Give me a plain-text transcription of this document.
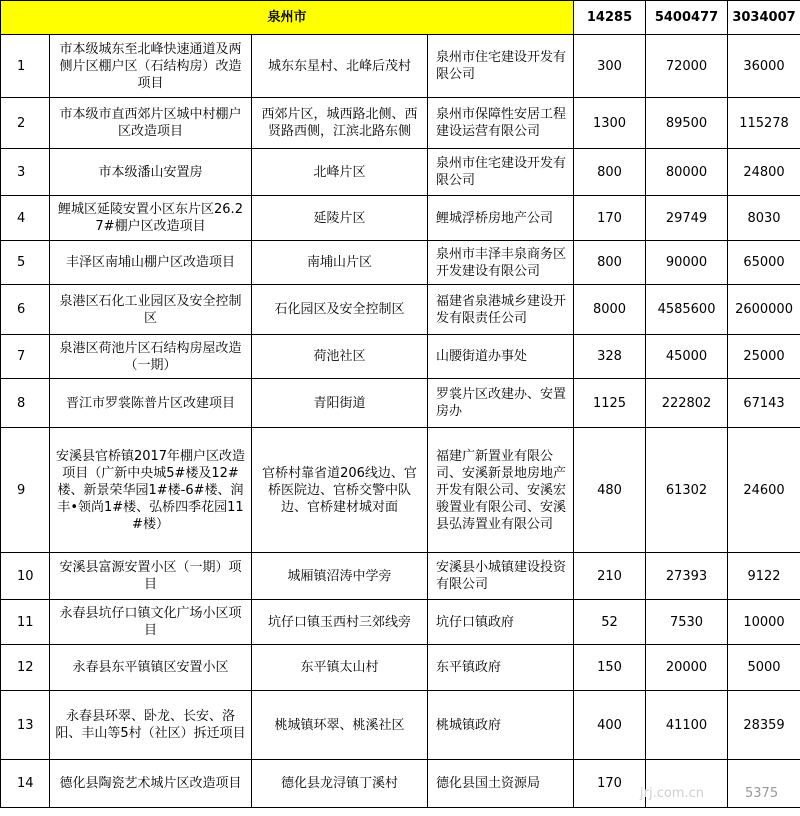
泉州市				14285	5400477	3034007
1	市本级城东至北峰快速通道及两侧片区棚户区（石结构房）改造项目	城东东星村、北峰后茂村	泉州市住宅建设开发有限公司	300	72000	36000
2	市本级市直西郊片区城中村棚户区改造项目	西郊片区，城西路北侧、西贤路西侧，江滨北路东侧	泉州市保障性安居工程建设运营有限公司	1300	89500	115278
3	市本级潘山安置房	北峰片区	泉州市住宅建设开发有限公司	800	80000	24800
4	鲤城区延陵安置小区东片区26.27#棚户区改造项目	延陵片区	鲤城浮桥房地产公司	170	29749	8030
5	丰泽区南埔山棚户区改造项目	南埔山片区	泉州市丰泽丰泉商务区开发建设有限公司	800	90000	65000
6	泉港区石化工业园区及安全控制区	石化园区及安全控制区	福建省泉港城乡建设开发有限责任公司	8000	4585600	2600000
7	泉港区荷池片区石结构房屋改造（一期）	荷池社区	山腰街道办事处	328	45000	25000
8	晋江市罗裳陈普片区改建项目	青阳街道	罗裳片区改建办、安置房办	1125	222802	67143
9	安溪县官桥镇2017年棚户区改造项目（广新中央城5#楼及12#楼、新景荣华园1#楼-6#楼、润丰•领尚1#楼、弘桥四季花园11#楼）	官桥村靠省道206线边、官桥医院边、官桥交警中队边、官桥建材城对面	福建广新置业有限公司、安溪新景地房地产开发有限公司、安溪宏骏置业有限公司、安溪县弘涛置业有限公司	480	61302	24600
10	安溪县富源安置小区（一期）项目	城厢镇沼涛中学旁	安溪县小城镇建设投资有限公司	210	27393	9122
11	永春县坑仔口镇文化广场小区项目	坑仔口镇玉西村三郊线旁	坑仔口镇政府	52	7530	10000
12	永春县东平镇镇区安置小区	东平镇太山村	东平镇政府	150	20000	5000
13	永春县环翠、卧龙、长安、洛阳、丰山等5村（社区）拆迁项目	桃城镇环翠、桃溪社区	桃城镇政府	400	41100	28359
14	德化县陶瓷艺术城片区改造项目	德化县龙浔镇丁溪村	德化县国土资源局	170		
jrj.com.cn	5375
